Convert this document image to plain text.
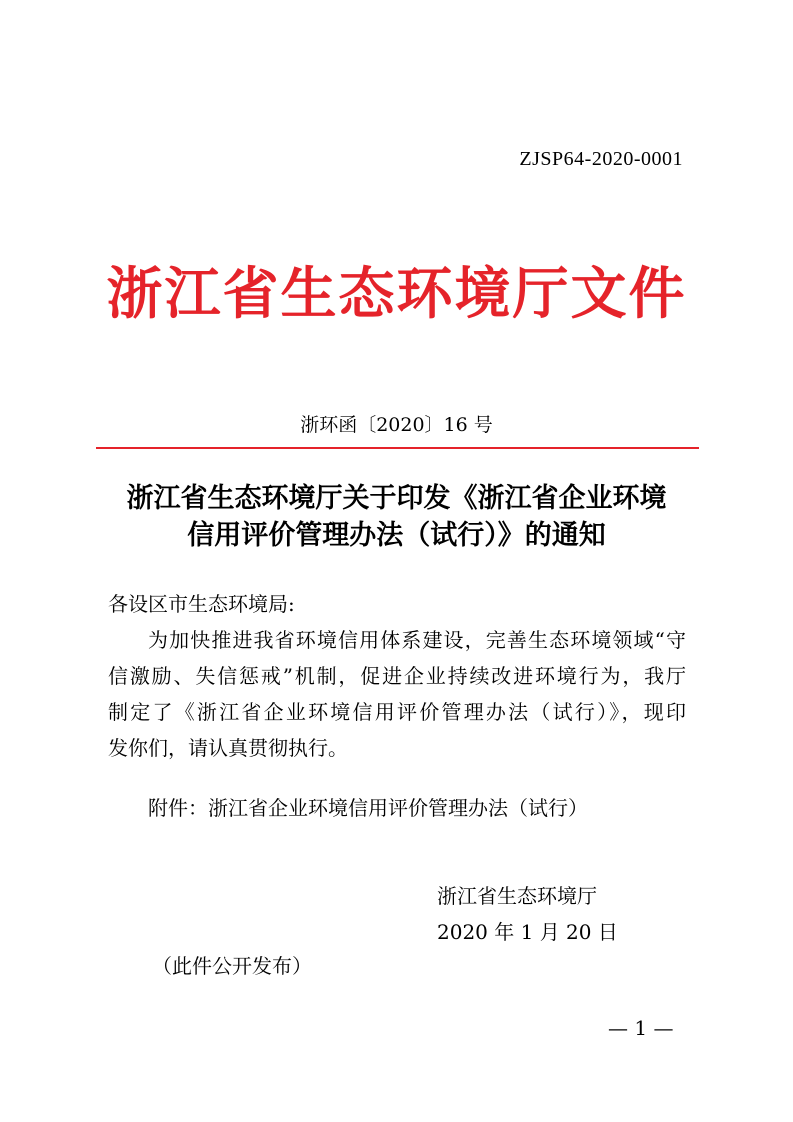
ZJSP64-2020-0001
浙江省生态环境厅文件
浙环函〔2020〕16 号
浙江省生态环境厅关于印发《浙江省企业环境
信用评价管理办法（试行）》的通知
各设区市生态环境局:
为加快推进我省环境信用体系建设，完善生态环境领域“守
信激励、失信惩戒”机制，促进企业持续改进环境行为，我厅
制定了《浙江省企业环境信用评价管理办法（试行）》，现印
发你们，请认真贯彻执行。
附件：浙江省企业环境信用评价管理办法（试行）
浙江省生态环境厅
2020 年 1 月 20 日
（此件公开发布）
— 1 —
